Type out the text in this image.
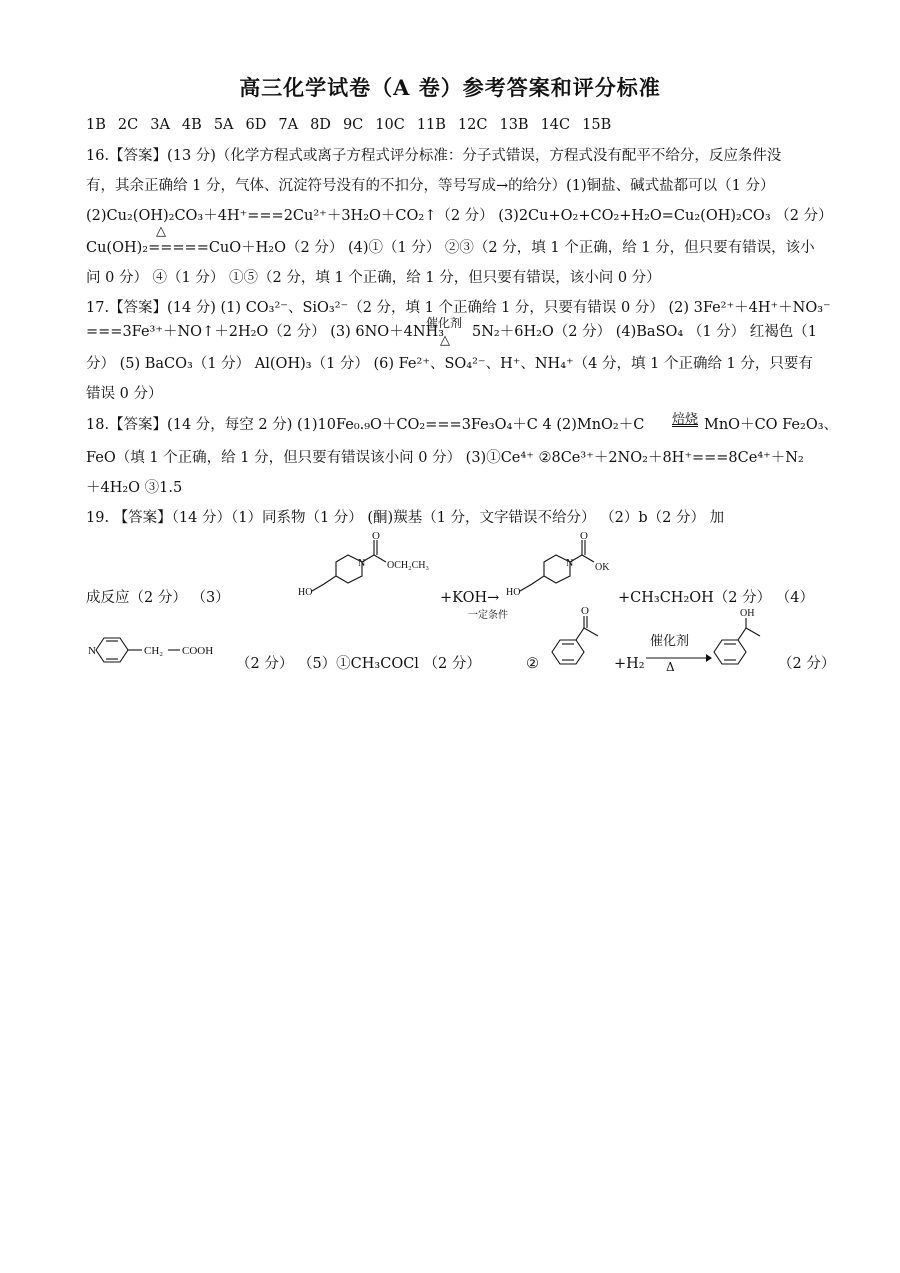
高三化学试卷（A 卷）参考答案和评分标准
1B 2C 3A 4B 5A 6D 7A 8D 9C 10C 11B 12C 13B 14C 15B
16.【答案】(13 分)（化学方程式或离子方程式评分标准：分子式错误，方程式没有配平不给分，反应条件没
有，其余正确给 1 分，气体、沉淀符号没有的不扣分，等号写成→的给分）(1)铜盐、碱式盐都可以（1 分）
(2)Cu₂(OH)₂CO₃＋4H⁺===2Cu²⁺＋3H₂O＋CO₂↑（2 分） (3)2Cu+O₂+CO₂+H₂O=Cu₂(OH)₂CO₃ （2 分）
△
Cu(OH)₂=====CuO＋H₂O（2 分） (4)①（1 分） ②③（2 分，填 1 个正确，给 1 分，但只要有错误，该小
问 0 分） ④（1 分） ①⑤（2 分，填 1 个正确，给 1 分，但只要有错误，该小问 0 分）
17.【答案】(14 分) (1) CO₃²⁻、SiO₃²⁻（2 分，填 1 个正确给 1 分，只要有错误 0 分） (2) 3Fe²⁺＋4H⁺＋NO₃⁻
===3Fe³⁺＋NO↑＋2H₂O（2 分） (3) 6NO＋4NH₃
催化剂
△
5N₂＋6H₂O（2 分） (4)BaSO₄ （1 分） 红褐色（1
分） (5) BaCO₃（1 分） Al(OH)₃（1 分） (6) Fe²⁺、SO₄²⁻、H⁺、NH₄⁺（4 分，填 1 个正确给 1 分，只要有
错误 0 分）
18.【答案】(14 分，每空 2 分) (1)10Fe₀.₉O＋CO₂===3Fe₃O₄＋C 4 (2)MnO₂＋C 焙烧 MnO＋CO Fe₂O₃、
FeO（填 1 个正确，给 1 分，但只要有错误该小问 0 分） (3)①Ce⁴⁺ ②8Ce³⁺＋2NO₂＋8H⁺===8Ce⁴⁺＋N₂
＋4H₂O ③1.5
19. 【答案】（14 分）（1）同系物（1 分） (酮)羰基（1 分，文字错误不给分） （2）b（2 分） 加
成反应（2 分） （3）	+KOH→
一定条件
+CH₃CH₂OH（2 分） （4）
（2 分） （5）①CH₃COCl （2 分）	②	+H₂
催化剂
Δ	（2 分）
O
N OCH₂CH₃
HO
O
N OK
HO
N	CH₂ COOH
O	OH
